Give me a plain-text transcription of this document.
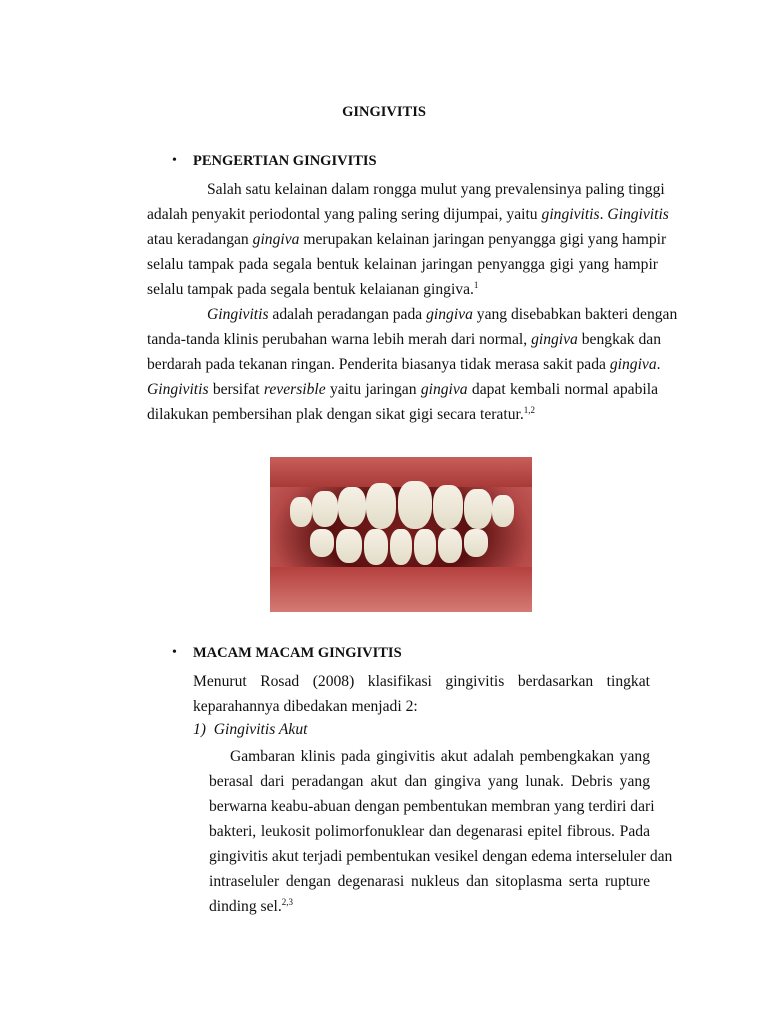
GINGIVITIS
• PENGERTIAN GINGIVITIS
Salah satu kelainan dalam rongga mulut yang prevalensinya paling tinggi
adalah penyakit periodontal yang paling sering dijumpai, yaitu gingivitis. Gingivitis
atau keradangan gingiva merupakan kelainan jaringan penyangga gigi yang hampir
selalu tampak pada segala bentuk kelainan jaringan penyangga gigi yang hampir
selalu tampak pada segala bentuk kelaianan gingiva.$^1$
Gingivitis adalah peradangan pada gingiva yang disebabkan bakteri dengan
tanda-tanda klinis perubahan warna lebih merah dari normal, gingiva bengkak dan
berdarah pada tekanan ringan. Penderita biasanya tidak merasa sakit pada gingiva.
Gingivitis bersifat reversible yaitu jaringan gingiva dapat kembali normal apabila
dilakukan pembersihan plak dengan sikat gigi secara teratur.$^{1,2}$
• MACAM MACAM GINGIVITIS
Menurut Rosad (2008) klasifikasi gingivitis berdasarkan tingkat
keparahannya dibedakan menjadi 2:
1)  Gingivitis Akut
Gambaran klinis pada gingivitis akut adalah pembengkakan yang
berasal dari peradangan akut dan gingiva yang lunak. Debris yang
berwarna keabu-abuan dengan pembentukan membran yang terdiri dari
bakteri, leukosit polimorfonuklear dan degenarasi epitel fibrous. Pada
gingivitis akut terjadi pembentukan vesikel dengan edema interseluler dan
intraseluler dengan degenarasi nukleus dan sitoplasma serta rupture
dinding sel.$^{2,3}$
